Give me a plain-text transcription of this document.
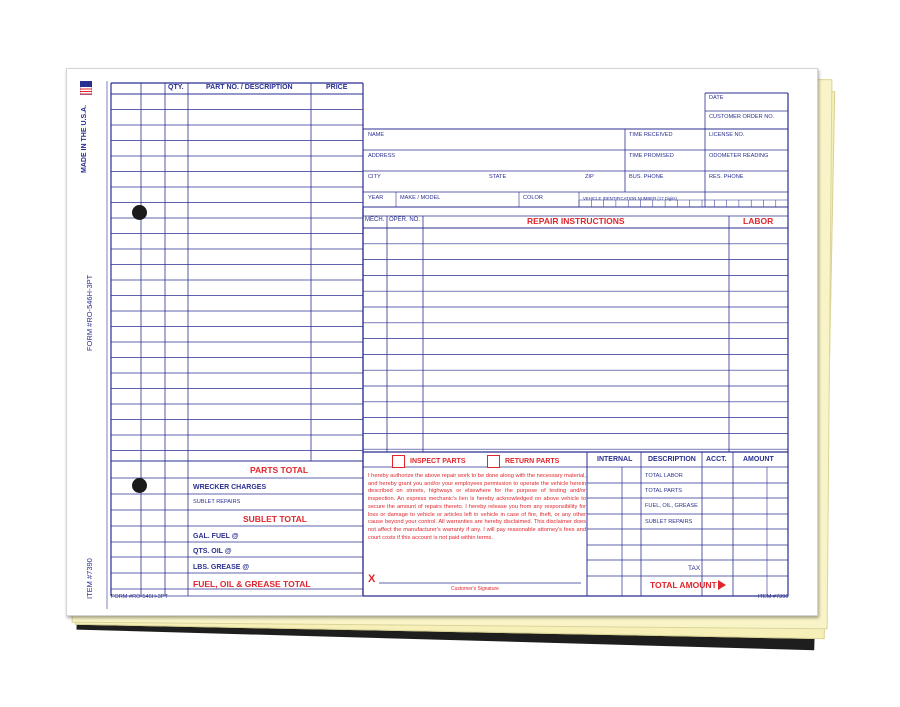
MADE IN THE U.S.A.
FORM #RO-546H-3PT
ITEM #7390
QTY.	PART NO. / DESCRIPTION	PRICE
PARTS TOTAL
WRECKER CHARGES
SUBLET REPAIRS
SUBLET TOTAL
GAL. FUEL @
QTS. OIL @
LBS. GREASE @
FUEL, OIL & GREASE TOTAL
DATE
CUSTOMER ORDER NO.
NAME	TIME RECEIVED	LICENSE NO.
ADDRESS	TIME PROMISED	ODOMETER READING
CITY	STATE	ZIP	BUS. PHONE	RES. PHONE
YEAR	MAKE / MODEL	COLOR	VEHICLE IDENTIFICATION NUMBER (17 Digits)
MECH. OPER. NO.	REPAIR INSTRUCTIONS	LABOR
INSPECT PARTS	RETURN PARTS
I hereby authorize the above repair work to be done along with the necessary material, and hereby grant you and/or your employees permission to operate the vehicle herein described on streets, highways or elsewhere for the purpose of testing and/or inspection. An express mechanic's lien is hereby acknowledged on above vehicle to secure the amount of repairs thereto. I hereby release you from any responsibility for loss or damage to vehicle or articles left in vehicle in case of fire, theft, or any other cause beyond your control. All warranties are hereby disclaimed. This disclaimer does not affect the manufacturer's warranty if any. I will pay reasonable attorney's fees and court costs if this account is not paid within terms.
X
Customer's Signature
INTERNAL DESCRIPTION ACCT. AMOUNT
TOTAL LABOR
TOTAL PARTS
FUEL, OIL, GREASE
SUBLET REPAIRS
TAX
TOTAL AMOUNT
FORM #RO-546H-3PT	ITEM #7390
